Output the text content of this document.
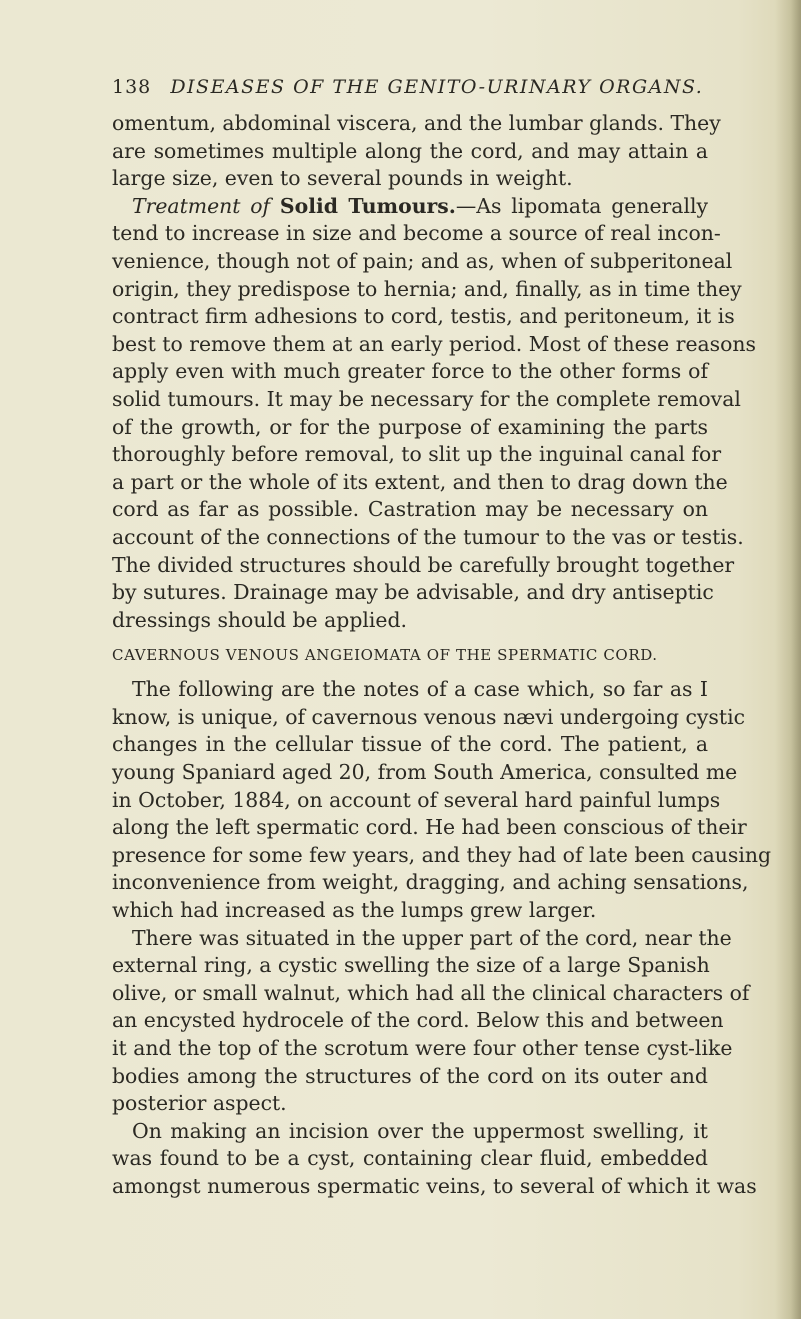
138 DISEASES OF THE GENITO-URINARY ORGANS.
omentum, abdominal viscera, and the lumbar glands. They
are sometimes multiple along the cord, and may attain a
large size, even to several pounds in weight.
Treatment of Solid Tumours.—As lipomata generally
tend to increase in size and become a source of real incon-
venience, though not of pain; and as, when of subperitoneal
origin, they predispose to hernia; and, finally, as in time they
contract firm adhesions to cord, testis, and peritoneum, it is
best to remove them at an early period. Most of these reasons
apply even with much greater force to the other forms of
solid tumours. It may be necessary for the complete removal
of the growth, or for the purpose of examining the parts
thoroughly before removal, to slit up the inguinal canal for
a part or the whole of its extent, and then to drag down the
cord as far as possible. Castration may be necessary on
account of the connections of the tumour to the vas or testis.
The divided structures should be carefully brought together
by sutures. Drainage may be advisable, and dry antiseptic
dressings should be applied.
CAVERNOUS VENOUS ANGEIOMATA OF THE SPERMATIC CORD.
The following are the notes of a case which, so far as I
know, is unique, of cavernous venous nævi undergoing cystic
changes in the cellular tissue of the cord. The patient, a
young Spaniard aged 20, from South America, consulted me
in October, 1884, on account of several hard painful lumps
along the left spermatic cord. He had been conscious of their
presence for some few years, and they had of late been causing
inconvenience from weight, dragging, and aching sensations,
which had increased as the lumps grew larger.
There was situated in the upper part of the cord, near the
external ring, a cystic swelling the size of a large Spanish
olive, or small walnut, which had all the clinical characters of
an encysted hydrocele of the cord. Below this and between
it and the top of the scrotum were four other tense cyst-like
bodies among the structures of the cord on its outer and
posterior aspect.
On making an incision over the uppermost swelling, it
was found to be a cyst, containing clear fluid, embedded
amongst numerous spermatic veins, to several of which it was
